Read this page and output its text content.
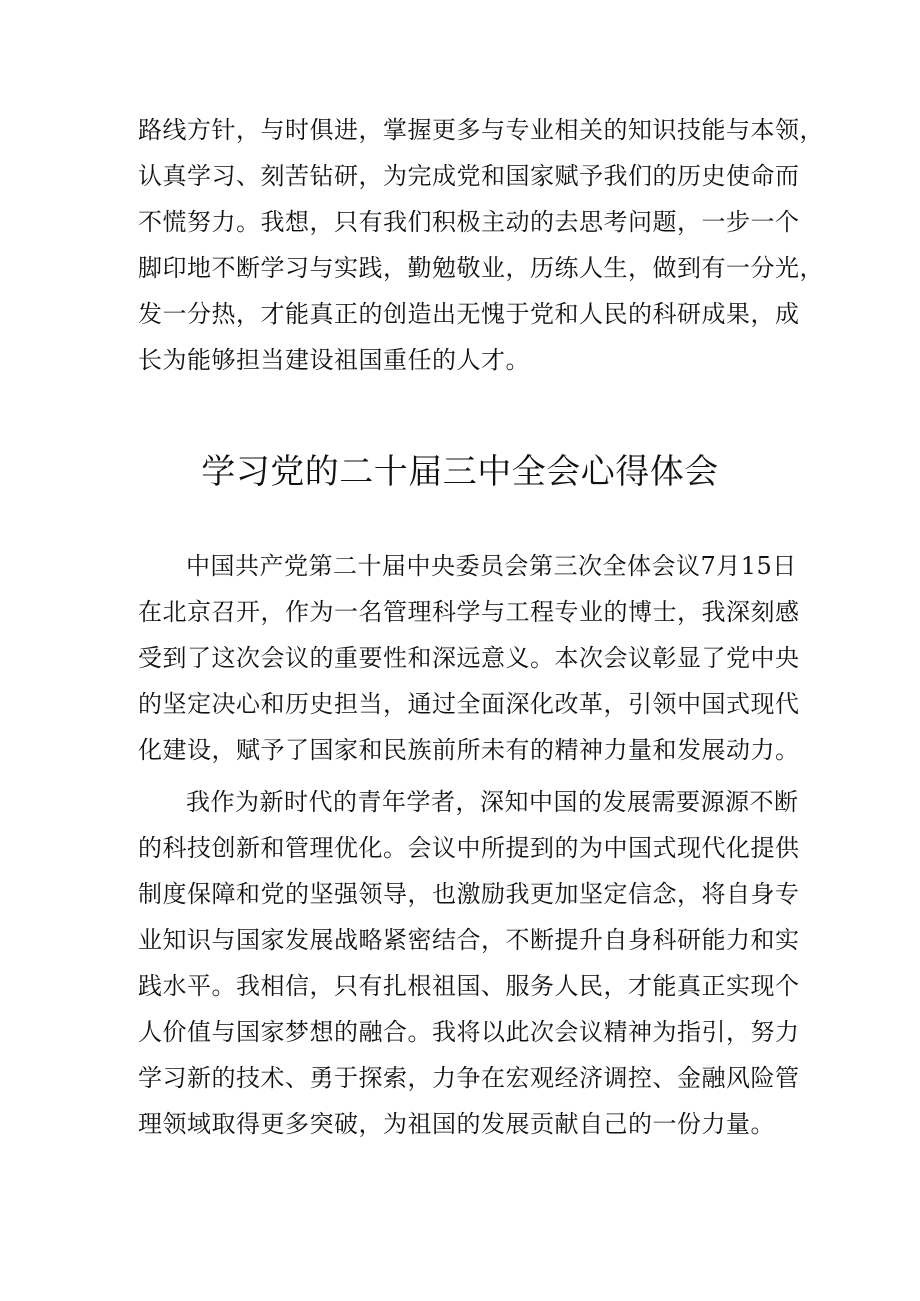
路线方针，与时俱进，掌握更多与专业相关的知识技能与本领，
认真学习、刻苦钻研，为完成党和国家赋予我们的历史使命而
不慌努力。我想，只有我们积极主动的去思考问题，一步一个
脚印地不断学习与实践，勤勉敬业，历练人生，做到有一分光，
发一分热，才能真正的创造出无愧于党和人民的科研成果，成
长为能够担当建设祖国重任的人才。
学习党的二十届三中全会心得体会
中国共产党第二十届中央委员会第三次全体会议7月15日
在北京召开，作为一名管理科学与工程专业的博士，我深刻感
受到了这次会议的重要性和深远意义。本次会议彰显了党中央
的坚定决心和历史担当，通过全面深化改革，引领中国式现代
化建设，赋予了国家和民族前所未有的精神力量和发展动力。
我作为新时代的青年学者，深知中国的发展需要源源不断
的科技创新和管理优化。会议中所提到的为中国式现代化提供
制度保障和党的坚强领导，也激励我更加坚定信念，将自身专
业知识与国家发展战略紧密结合，不断提升自身科研能力和实
践水平。我相信，只有扎根祖国、服务人民，才能真正实现个
人价值与国家梦想的融合。我将以此次会议精神为指引，努力
学习新的技术、勇于探索，力争在宏观经济调控、金融风险管
理领域取得更多突破，为祖国的发展贡献自己的一份力量。
